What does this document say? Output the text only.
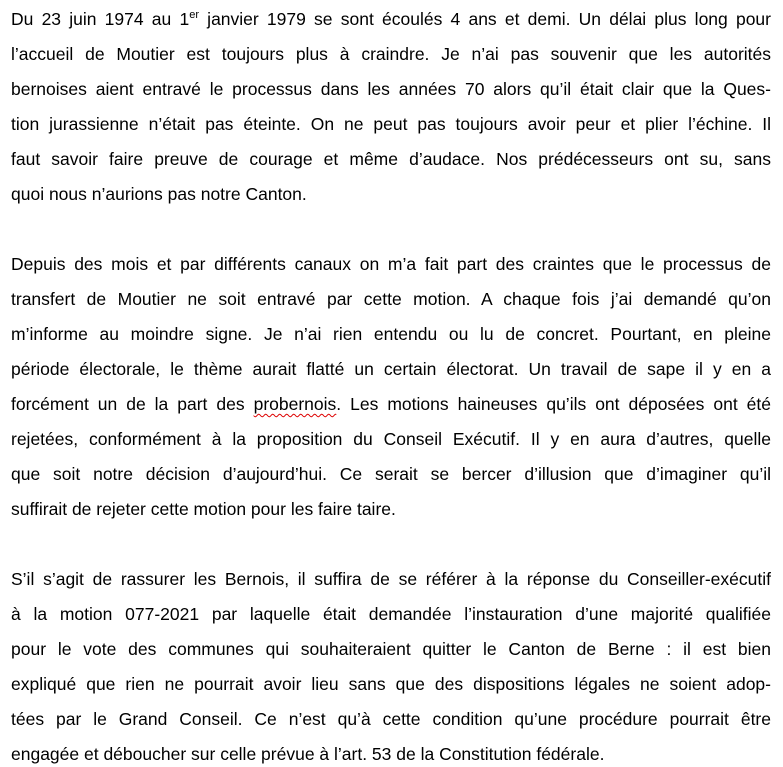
Du 23 juin 1974 au 1er janvier 1979 se sont écoulés 4 ans et demi. Un délai plus long pour
l’accueil de Moutier est toujours plus à craindre. Je n’ai pas souvenir que les autorités
bernoises aient entravé le processus dans les années 70 alors qu’il était clair que la Ques-
tion jurassienne n’était pas éteinte. On ne peut pas toujours avoir peur et plier l’échine. Il
faut savoir faire preuve de courage et même d’audace. Nos prédécesseurs ont su, sans
quoi nous n’aurions pas notre Canton.
Depuis des mois et par différents canaux on m’a fait part des craintes que le processus de
transfert de Moutier ne soit entravé par cette motion. A chaque fois j’ai demandé qu’on
m’informe au moindre signe. Je n’ai rien entendu ou lu de concret. Pourtant, en pleine
période électorale, le thème aurait flatté un certain électorat. Un travail de sape il y en a
forcément un de la part des probernois. Les motions haineuses qu’ils ont déposées ont été
rejetées, conformément à la proposition du Conseil Exécutif. Il y en aura d’autres, quelle
que soit notre décision d’aujourd’hui. Ce serait se bercer d’illusion que d’imaginer qu’il
suffirait de rejeter cette motion pour les faire taire.
S’il s’agit de rassurer les Bernois, il suffira de se référer à la réponse du Conseiller-exécutif
à la motion 077-2021 par laquelle était demandée l’instauration d’une majorité qualifiée
pour le vote des communes qui souhaiteraient quitter le Canton de Berne : il est bien
expliqué que rien ne pourrait avoir lieu sans que des dispositions légales ne soient adop-
tées par le Grand Conseil. Ce n’est qu’à cette condition qu’une procédure pourrait être
engagée et déboucher sur celle prévue à l’art. 53 de la Constitution fédérale.
